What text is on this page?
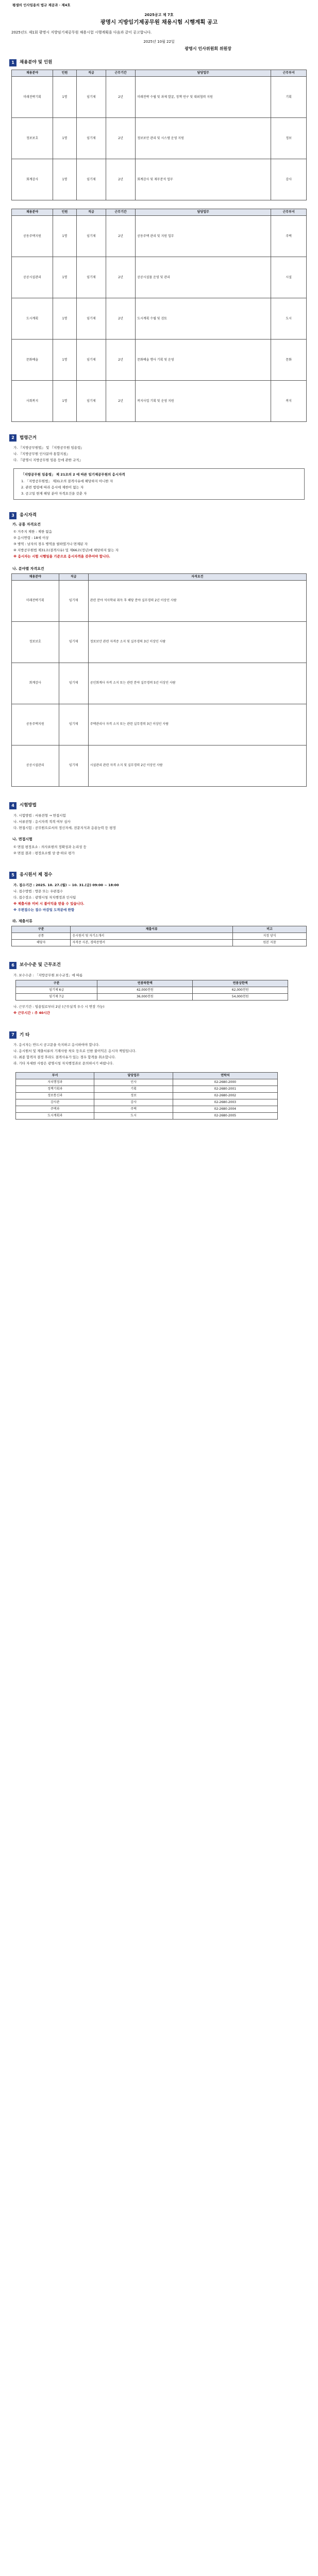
평생의 인사임용의 법규 제공과 · 제4호
2025공고 제 7호
광명시 지방임기제공무원 채용시험 시행계획 공고
2025년도 제1회 광명시 지방임기제공무원 채용시험 시행계획을 다음과 같이 공고합니다.
2025년 10월 22일
광명시 인사위원회 위원장
1	채용분야 및 인원
채용분야	인원	직급	근무기간	담당업무	근무부서
미래전략기획	1명	임기제	2년	미래전략 수립 및 과제 발굴, 정책 연구 및 대외협력 지원	기획
정보보호	1명	임기제	2년	정보보안 관리 및 시스템 운영 지원	정보
회계감사	1명	임기제	2년	회계감사 및 재무분석 업무	감사
채용분야	인원	직급	근무기간	담당업무	근무부서
공동주택지원	1명	임기제	2년	공동주택 관리 및 지원 업무	주택
공공시설관리	1명	임기제	2년	공공시설물 운영 및 관리	시설
도시계획	1명	임기제	2년	도시계획 수립 및 검토	도시
문화예술	1명	임기제	2년	문화예술 행사 기획 및 운영	문화
사회복지	1명	임기제	2년	복지사업 기획 및 운영 지원	복지
2	법령근거
가. 『지방공무원법』 및 『지방공무원 임용령』
나. 『지방공무원 인사분야 통합지침』
다. 『광명시 지방공무원 임용 등에 관한 규칙』
「지방공무원 임용령」 제 21조의 2 에 따른 임기제공무원의 응시자격
1. 「지방공무원법」 제31조의 결격사유에 해당하지 아니한 자
2. 관련 법령에 따라 응시에 제한이 없는 자
3. 공고일 현재 해당 분야 자격요건을 갖춘 자
3	응시자격
가. 공통 자격요건
① 거주지 제한 : 제한 없음
② 응시연령 : 18세 이상
③ 병역 : 남자의 경우 병역을 필하였거나 면제된 자
④ 지방공무원법 제31조(결격사유) 및 제66조(정년)에 해당하지 않는 자
※ 응시자는 시험 시행일을 기준으로 응시자격을 갖추어야 합니다.
나. 분야별 자격요건
채용분야	직급	자격요건
미래전략기획	임기제	관련 분야 석사학위 취득 후 해당 분야 실무경력 2년 이상인 사람
정보보호	임기제	정보보안 관련 자격증 소지 및 실무경력 3년 이상인 사람
회계감사	임기제	공인회계사 자격 소지 또는 관련 분야 실무경력 5년 이상인 사람
공동주택지원	임기제	주택관리사 자격 소지 또는 관련 실무경력 3년 이상인 사람
공공시설관리	임기제	시설관리 관련 자격 소지 및 실무경력 2년 이상인 사람
4	시험방법
가. 시험방법 : 서류전형 → 면접시험
나. 서류전형 : 응시자격 적격 여부 심사
다. 면접시험 : 공무원으로서의 정신자세, 전문지식과 응용능력 등 평정
나. 면접시험
① 면접 평정요소 : 의사표현의 정확성과 논리성 등
② 면접 결과 : 평정요소별 상·중·하로 평가
5	응시원서 제 접수
가. 접수기간 : 2025. 10. 27.(월) ~ 10. 31.(금) 09:00 ~ 18:00
나. 접수방법 : 방문 또는 우편접수
다. 접수장소 : 광명시청 자치행정과 인사팀
※ 제출서류 미비 시 불이익을 받을 수 있습니다.
※ 우편접수는 접수 마감일 도착분에 한함
라. 제출서류
구분	제출서류	비고
공통	응시원서 및 자기소개서	지정 양식
해당자	자격증 사본, 경력증명서	원본 지참
6	보수수준 및 근무조건
가. 보수수준 : 「지방공무원 보수규정」에 따름
구분	연봉하한액	연봉상한액
임기제 6급	42,000천원	62,000천원
임기제 7급	36,000천원	54,000천원
나. 근무기간 : 임용일로부터 2년 (근무실적 우수 시 연장 가능)
※ 근무시간 : 주 40시간
7	기 타
가. 응시자는 반드시 공고문을 숙지하고 응시하여야 합니다.
나. 응시원서 및 제출서류의 기재사항 착오 등으로 인한 불이익은 응시자 책임입니다.
다. 최종 합격자 결정 후라도 결격사유가 있는 경우 합격을 취소합니다.
라. 기타 자세한 사항은 광명시청 자치행정과로 문의하시기 바랍니다.
부서	담당업무	연락처
자치행정과	인사	02-2680-2000
정책기획과	기획	02-2680-2001
정보통신과	정보	02-2680-2002
감사관	감사	02-2680-2003
주택과	주택	02-2680-2004
도시계획과	도시	02-2680-2005
